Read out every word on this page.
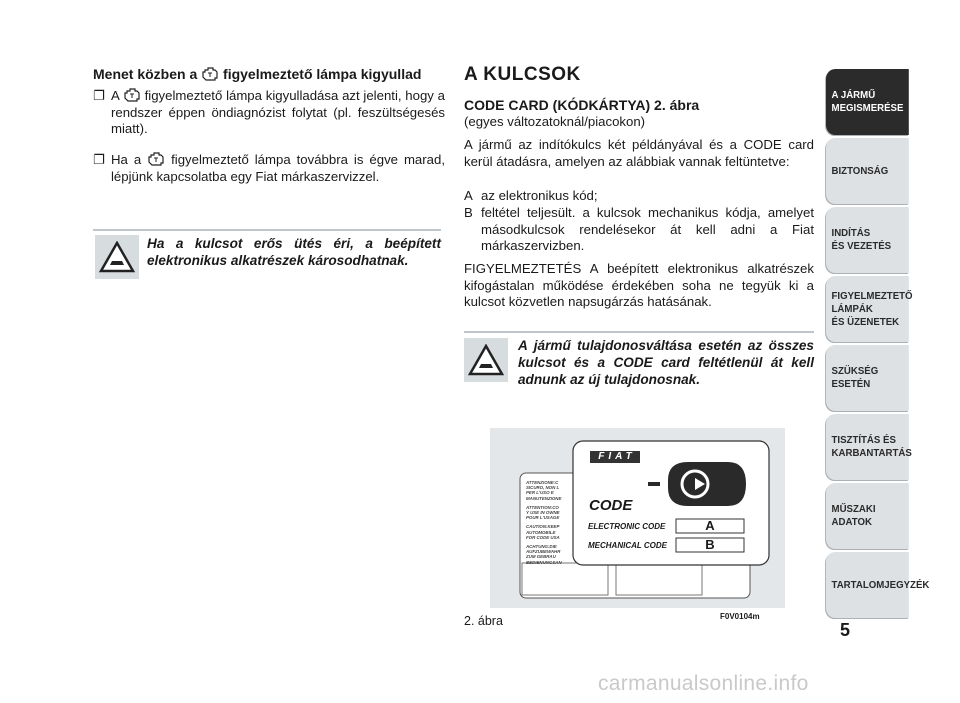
Menet közben a figyelmeztető lámpa kigyullad
❐ A figyelmeztető lámpa kigyulladása azt jelenti, hogy a rendszer éppen öndiagnózist folytat (pl. feszültségesés miatt).
❐ Ha a figyelmeztető lámpa továbbra is égve marad, lépjünk kapcsolatba egy Fiat márkaszervizzel.
Ha a kulcsot erős ütés éri, a beépített elektronikus alkatrészek károsodhatnak.
A KULCSOK
CODE CARD (KÓDKÁRTYA) 2. ábra
(egyes változatoknál/piacokon)
A jármű az indítókulcs két példányával és a CODE card kerül átadásra, amelyen az alábbiak vannak feltüntetve:
A az elektronikus kód;
B feltétel teljesült. a kulcsok mechanikus kódja, amelyet másodkulcsok rendelésekor át kell adni a Fiat márkaszervizben.
FIGYELMEZTETÉS A beépített elektronikus alkatrészek kifogástalan működése érdekében soha ne tegyük ki a kulcsot közvetlen napsugárzás hatásának.
A jármű tulajdonosváltása esetén az összes kulcsot és a CODE card feltétlenül át kell adnunk az új tulajdonosnak.
FIAT
CODE
ELECTRONIC CODE	A
MECHANICAL CODE	B
ATTENZIONE:C
SICURO, NON L
PER L'USO E
MANUTENZIONE
ATTENTION:CO
Y USE IN OWNE
POUR L'USAGE
CAUTION:KEEP
AUTOMOBILE
FOR CODE USA
ACHTUNG:DIE
AUFZUBEWAHR
ZUM GEBRAU
BEDIENUNGSAN
2. ábra	F0V0104m
A JÁRMŰ
MEGISMERÉSE
BIZTONSÁG
INDÍTÁS
ÉS VEZETÉS
FIGYELMEZTETŐ
LÁMPÁK
ÉS ÜZENETEK
SZÜKSÉG
ESETÉN
TISZTÍTÁS ÉS
KARBANTARTÁS
MŰSZAKI
ADATOK
TARTALOMJEGYZÉK
5
carmanualsonline.info
